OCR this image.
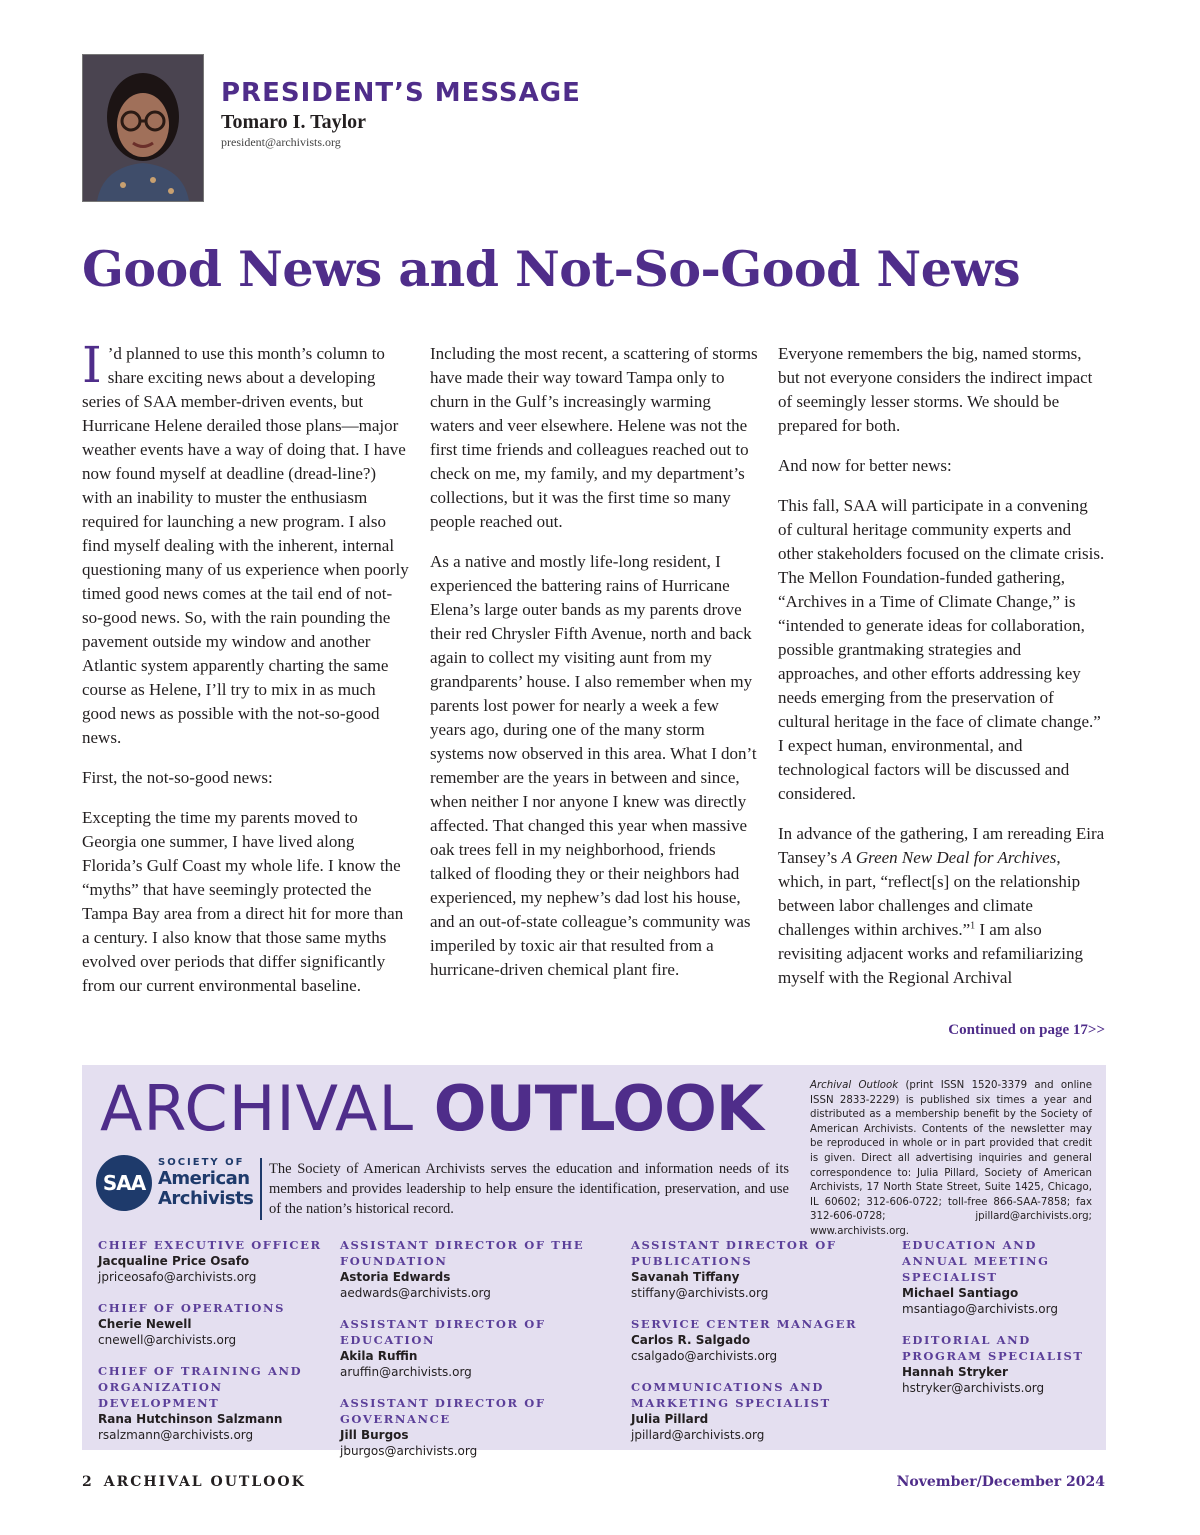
PRESIDENT’S MESSAGE
Tomaro I. Taylor
president@archivists.org
Good News and Not-So-Good News

I ’d planned to use this month’s column to share exciting news about a developing series of SAA member-driven events, but Hurricane Helene derailed those plans—major weather events have a way of doing that. I have now found myself at deadline (dread-line?) with an inability to muster the enthusiasm required for launching a new program. I also find myself dealing with the inherent, internal questioning many of us experience when poorly timed good news comes at the tail end of not-so-good news. So, with the rain pounding the pavement outside my window and another Atlantic system apparently charting the same course as Helene, I’ll try to mix in as much good news as possible with the not-so-good news.

First, the not-so-good news:

Excepting the time my parents moved to Georgia one summer, I have lived along Florida’s Gulf Coast my whole life. I know the “myths” that have seemingly protected the Tampa Bay area from a direct hit for more than a century. I also know that those same myths evolved over periods that differ significantly from our current environmental baseline.

Including the most recent, a scattering of storms have made their way toward Tampa only to churn in the Gulf’s increasingly warming waters and veer elsewhere. Helene was not the first time friends and colleagues reached out to check on me, my family, and my department’s collections, but it was the first time so many people reached out.

As a native and mostly life-long resident, I experienced the battering rains of Hurricane Elena’s large outer bands as my parents drove their red Chrysler Fifth Avenue, north and back again to collect my visiting aunt from my grandparents’ house. I also remember when my parents lost power for nearly a week a few years ago, during one of the many storm systems now observed in this area. What I don’t remember are the years in between and since, when neither I nor anyone I knew was directly affected. That changed this year when massive oak trees fell in my neighborhood, friends talked of flooding they or their neighbors had experienced, my nephew’s dad lost his house, and an out-of-state colleague’s community was imperiled by toxic air that resulted from a hurricane-driven chemical plant fire.

Everyone remembers the big, named storms, but not everyone considers the indirect impact of seemingly lesser storms. We should be prepared for both.

And now for better news:

This fall, SAA will participate in a convening of cultural heritage community experts and other stakeholders focused on the climate crisis. The Mellon Foundation-funded gathering, “Archives in a Time of Climate Change,” is “intended to generate ideas for collaboration, possible grantmaking strategies and approaches, and other efforts addressing key needs emerging from the preservation of cultural heritage in the face of climate change.” I expect human, environmental, and technological factors will be discussed and considered.

In advance of the gathering, I am rereading Eira Tansey’s A Green New Deal for Archives, which, in part, “reflect[s] on the relationship between labor challenges and climate challenges within archives.”$^1$ I am also revisiting adjacent works and refamiliarizing myself with the Regional Archival

Continued on page 17>>
ARCHIVAL OUTLOOK	Archival Outlook (print ISSN 1520-3379 and online ISSN 2833-2229) is published six times a year and distributed as a membership benefit by the Society of American Archivists. Contents of the newsletter may be reproduced in whole or in part provided that credit is given. Direct all advertising inquiries and general correspondence to: Julia Pillard, Society of American Archivists, 17 North State Street, Suite 1425, Chicago, IL 60602; 312-606-0722; toll-free 866-SAA-7858; fax 312-606-0728; jpillard@archivists.org; www.archivists.org.
SAA
SOCIETY OF
American
Archivists
The Society of American Archivists serves the education and information needs of its members and provides leadership to help ensure the identification, preservation, and use of the nation’s historical record.
CHIEF EXECUTIVE OFFICER
Jacqualine Price Osafo
jpriceosafo@archivists.org
CHIEF OF OPERATIONS
Cherie Newell
cnewell@archivists.org
CHIEF OF TRAINING AND ORGANIZATION DEVELOPMENT
Rana Hutchinson Salzmann
rsalzmann@archivists.org
ASSISTANT DIRECTOR OF THE FOUNDATION
Astoria Edwards
aedwards@archivists.org
ASSISTANT DIRECTOR OF EDUCATION
Akila Ruffin
aruffin@archivists.org
ASSISTANT DIRECTOR OF GOVERNANCE
Jill Burgos
jburgos@archivists.org
ASSISTANT DIRECTOR OF PUBLICATIONS
Savanah Tiffany
stiffany@archivists.org
SERVICE CENTER MANAGER
Carlos R. Salgado
csalgado@archivists.org
COMMUNICATIONS AND MARKETING SPECIALIST
Julia Pillard
jpillard@archivists.org
EDUCATION AND ANNUAL MEETING SPECIALIST
Michael Santiago
msantiago@archivists.org
EDITORIAL AND PROGRAM SPECIALIST
Hannah Stryker
hstryker@archivists.org
2 ARCHIVAL OUTLOOK	November/December 2024
